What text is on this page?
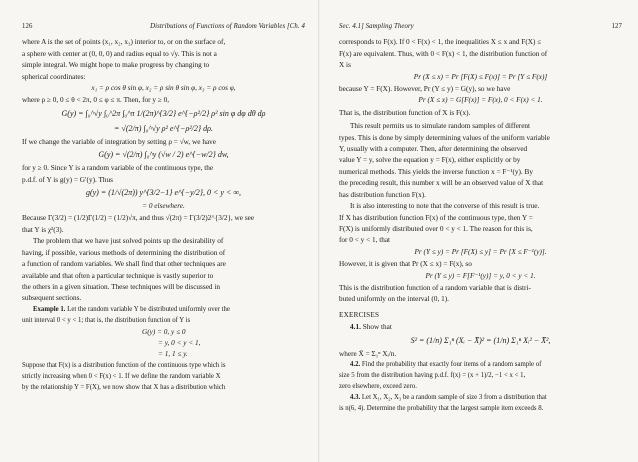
126	Distributions of Functions of Random Variables [Ch. 4

where A is the set of points (x₁, x₂, x₃) interior to, or on the surface of,

a sphere with center at (0, 0, 0) and radius equal to √y. This is not a

simple integral. We might hope to make progress by changing to

spherical coordinates:

x₁ = ρ cos θ sin φ, x₂ = ρ sin θ sin φ, x₃ = ρ cos φ,

where ρ ≥ 0, 0 ≤ θ < 2π, 0 ≤ φ ≤ π. Then, for y ≥ 0,

G(y) = ∫₀^√y ∫₀^2π ∫₀^π 1/(2π)^{3/2} e^{−ρ²/2} ρ² sin φ dφ dθ dρ
= √(2/π) ∫₀^√y ρ² e^{−ρ²/2} dρ.

If we change the variable of integration by setting ρ = √w, we have

G(y) = √(2/π) ∫₀^y (√w / 2) e^{−w/2} dw,

for y ≥ 0. Since Y is a random variable of the continuous type, the

p.d.f. of Y is g(y) = G′(y). Thus

g(y) = (1/√(2π)) y^{3/2−1} e^{−y/2}, 0 < y < ∞,
= 0 elsewhere.

Because Γ(3/2) = (1/2)Γ(1/2) = (1/2)√π, and thus √(2π) = Γ(3/2)2^{3/2}, we see

that Y is χ²(3).

The problem that we have just solved points up the desirability of

having, if possible, various methods of determining the distribution of

a function of random variables. We shall find that other techniques are

available and that often a particular technique is vastly superior to

the others in a given situation. These techniques will be discussed in

subsequent sections.

Example 1. Let the random variable Y be distributed uniformly over the

unit interval 0 < y < 1; that is, the distribution function of Y is

G(y) = 0, y ≤ 0
= y, 0 < y < 1,
= 1, 1 ≤ y.

Suppose that F(x) is a distribution function of the continuous type which is

strictly increasing when 0 < F(x) < 1. If we define the random variable X

by the relationship Y = F(X), we now show that X has a distribution which

Sec. 4.1] Sampling Theory	127

corresponds to F(x). If 0 < F(x) < 1, the inequalities X ≤ x and F(X) ≤

F(x) are equivalent. Thus, with 0 < F(x) < 1, the distribution function of

X is

Pr (X ≤ x) = Pr [F(X) ≤ F(x)] = Pr [Y ≤ F(x)]

because Y = F(X). However, Pr (Y ≤ y) = G(y), so we have

Pr (X ≤ x) = G[F(x)] = F(x), 0 < F(x) < 1.

That is, the distribution function of X is F(x).

This result permits us to simulate random samples of different

types. This is done by simply determining values of the uniform variable

Y, usually with a computer. Then, after determining the observed

value Y = y, solve the equation y = F(x), either explicitly or by

numerical methods. This yields the inverse function x = F⁻¹(y). By

the preceding result, this number x will be an observed value of X that

has distribution function F(x).

It is also interesting to note that the converse of this result is true.

If X has distribution function F(x) of the continuous type, then Y =

F(X) is uniformly distributed over 0 < y < 1. The reason for this is,

for 0 < y < 1, that

Pr (Y ≤ y) = Pr [F(X) ≤ y] = Pr [X ≤ F⁻¹(y)].

However, it is given that Pr (X ≤ x) = F(x), so

Pr (Y ≤ y) = F[F⁻¹(y)] = y, 0 < y < 1.

This is the distribution function of a random variable that is distri-

buted uniformly on the interval (0, 1).

EXERCISES

4.1. Show that

S² = (1/n) Σ₁ⁿ (Xᵢ − X̄)² = (1/n) Σ₁ⁿ Xᵢ² − X̄²,

where X̄ = Σ₁ⁿ Xᵢ/n.

4.2. Find the probability that exactly four items of a random sample of

size 5 from the distribution having p.d.f. f(x) = (x + 1)/2, −1 < x < 1,

zero elsewhere, exceed zero.

4.3. Let X₁, X₂, X₃ be a random sample of size 3 from a distribution that

is n(6, 4). Determine the probability that the largest sample item exceeds 8.
